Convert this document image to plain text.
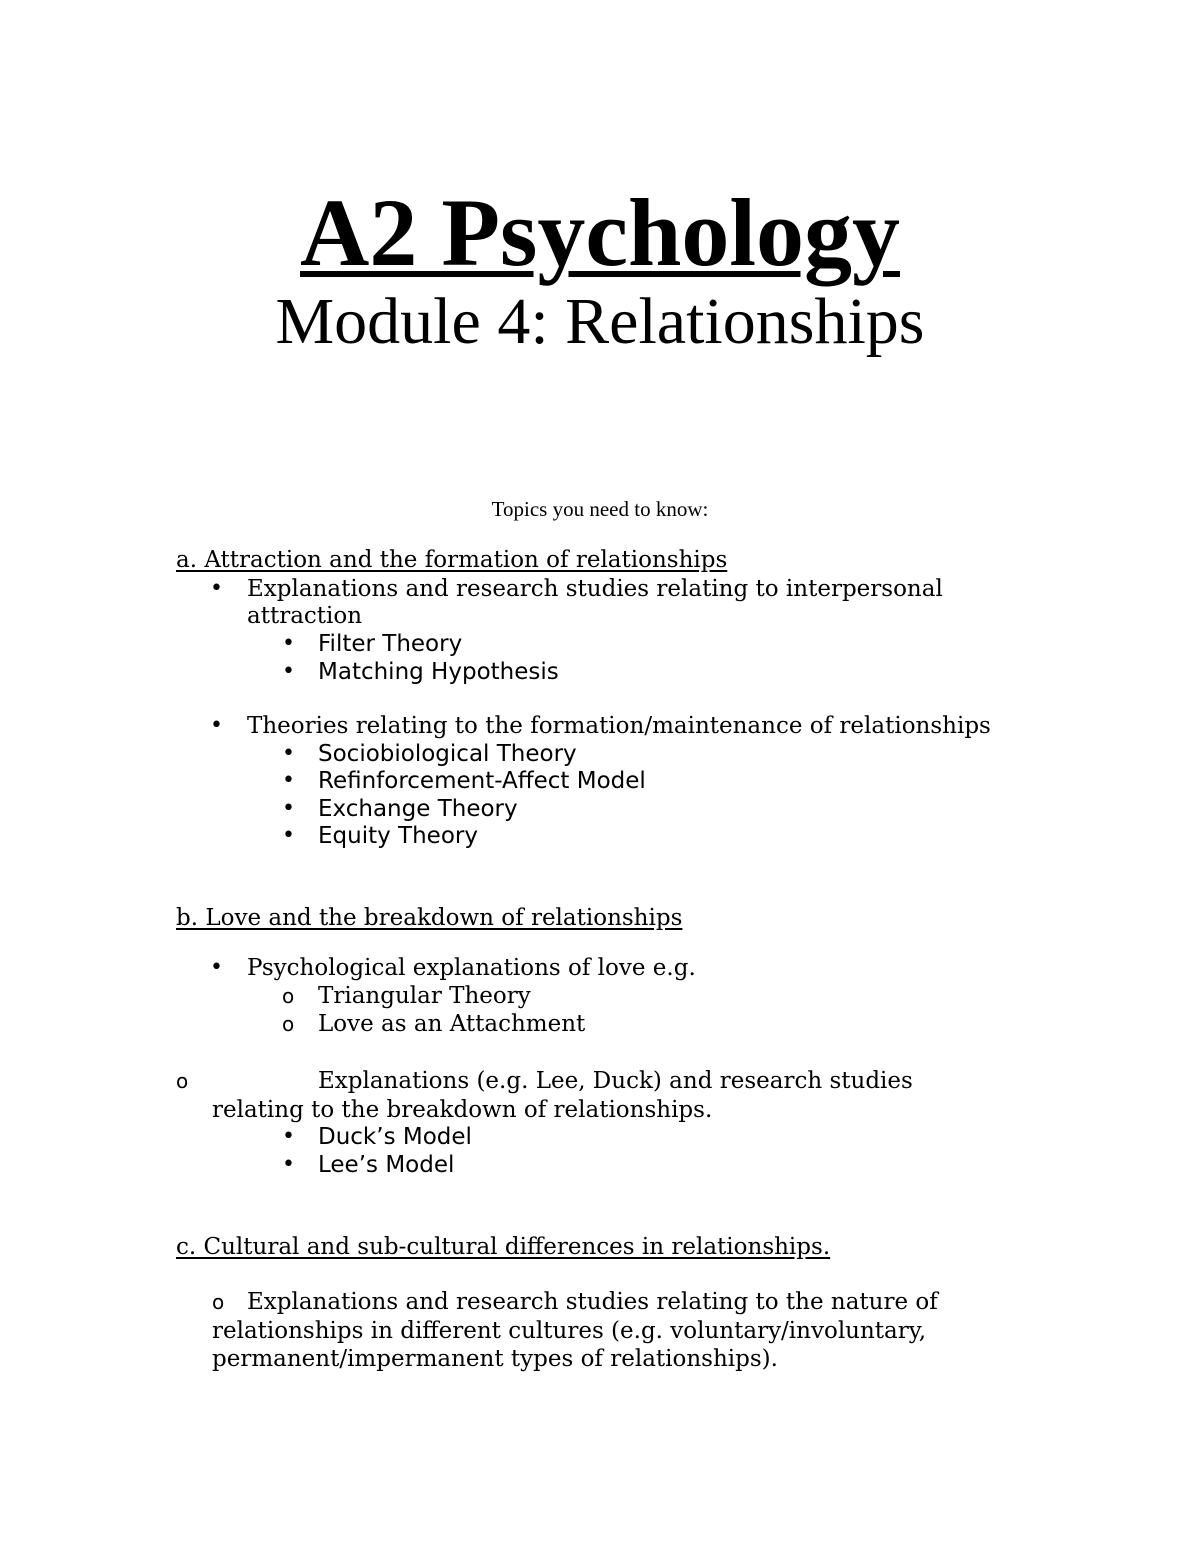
A2 Psychology
Module 4: Relationships
Topics you need to know:
a. Attraction and the formation of relationships
• Explanations and research studies relating to interpersonal
attraction
• Filter Theory
• Matching Hypothesis
• Theories relating to the formation/maintenance of relationships
• Sociobiological Theory
• Refinforcement-Affect Model
• Exchange Theory
• Equity Theory
b. Love and the breakdown of relationships
• Psychological explanations of love e.g.
o Triangular Theory
o Love as an Attachment
o	Explanations (e.g. Lee, Duck) and research studies
relating to the breakdown of relationships.
• Duck’s Model
• Lee’s Model
c. Cultural and sub-cultural differences in relationships.
o Explanations and research studies relating to the nature of
relationships in different cultures (e.g. voluntary/involuntary,
permanent/impermanent types of relationships).
